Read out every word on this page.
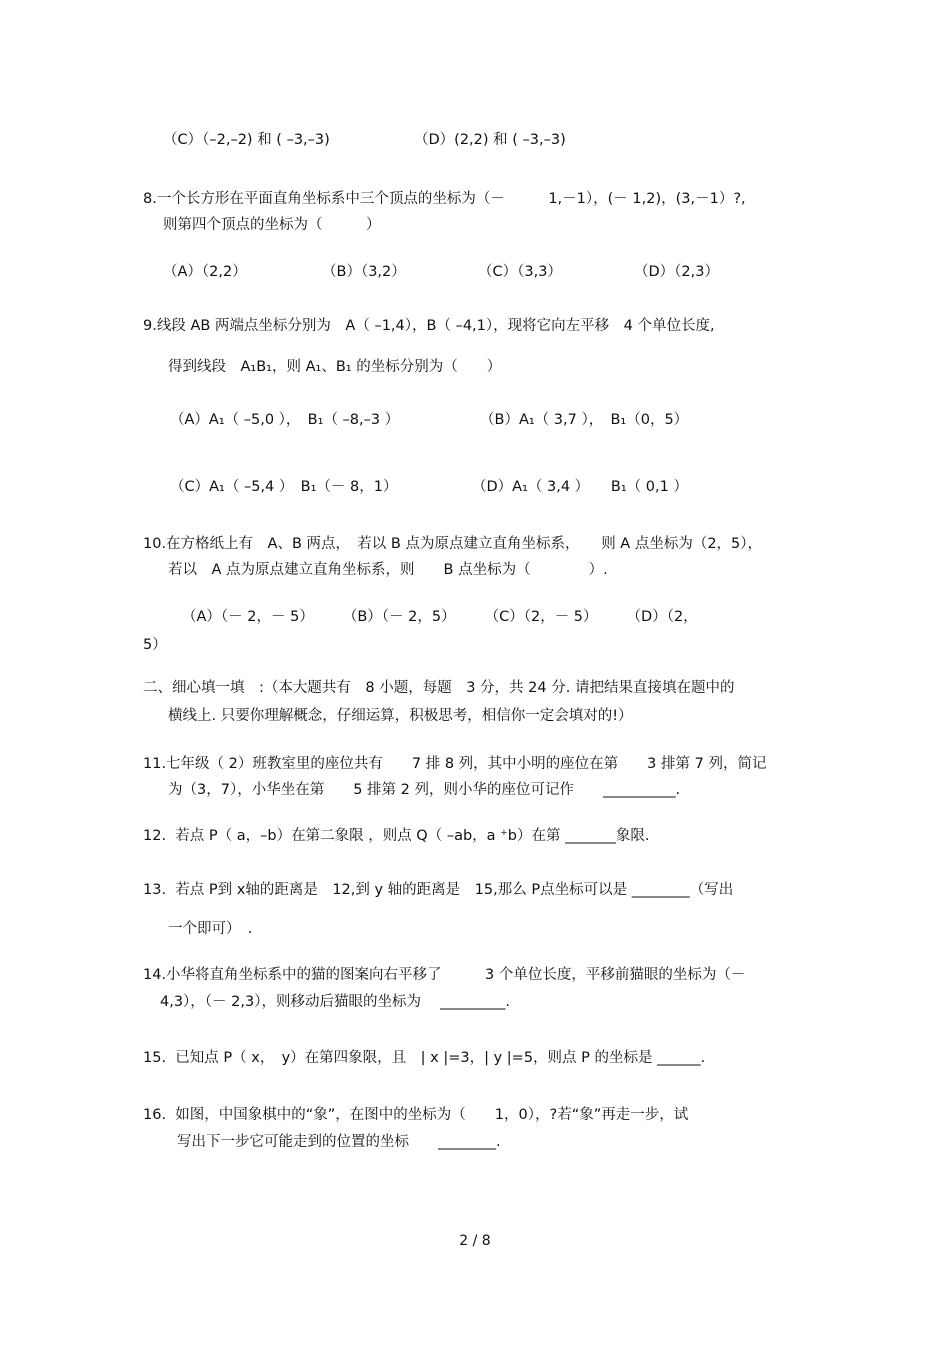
（C）（–2,–2) 和 ( –3,–3)	（D）(2,2) 和 ( –3,–3)
8.一个长方形在平面直角坐标系中三个顶点的坐标为（－　　　1,－1），(－ 1,2)，(3,－1）?,
则第四个顶点的坐标为（　　　）
（A）（2,2）	（B）（3,2）	（C）（3,3）	（D）（2,3）
9.线段 AB 两端点坐标分别为　A（ –1,4），B（ –4,1），现将它向左平移　4 个单位长度,
得到线段　A₁B₁，则 A₁、B₁ 的坐标分别为（　　）
（A）A₁（ –5,0 ），　B₁（ –8,–3 ）	（B）A₁（ 3,7 ），　B₁（0，5）
（C）A₁（ –5,4 ）　B₁（－ 8，1）	（D）A₁（ 3,4 ）　　B₁（ 0,1 ）
10.在方格纸上有　A、B 两点，　若以 B 点为原点建立直角坐标系，　　则 A 点坐标为（2，5），
若以　A 点为原点建立直角坐标系，则　　B 点坐标为（　　　　）.
（A）（－ 2，－ 5）　　　（B）（－ 2，5）　　　（C）（2，－ 5）　　　（D）（2，
5）
二、细心填一填　:（本大题共有　8 小题，每题　3 分，共 24 分. 请把结果直接填在题中的
横线上. 只要你理解概念，仔细运算，积极思考，相信你一定会填对的!）
11.七年级（ 2）班教室里的座位共有　　7 排 8 列，其中小明的座位在第　　3 排第 7 列，简记
为（3，7），小华坐在第　　5 排第 2 列，则小华的座位可记作　　__________.
12.  若点 P（ a，–b）在第二象限 ，则点 Q（ –ab，a ⁺b）在第 _______象限.
13.  若点 P到 x轴的距离是　12,到 y 轴的距离是　15,那么 P点坐标可以是 ________（写出
一个即可）　.
14.小华将直角坐标系中的猫的图案向右平移了　　　3 个单位长度，平移前猫眼的坐标为（－
4,3），（－ 2,3），则移动后猫眼的坐标为　 _________.
15.  已知点 P（ x，　y）在第四象限，且　| x |=3，| y |=5，则点 P 的坐标是 ______.
16.  如图，中国象棋中的“象”，在图中的坐标为（　　1，0），?若“象”再走一步，试
写出下一步它可能走到的位置的坐标　　________.
2 / 8
